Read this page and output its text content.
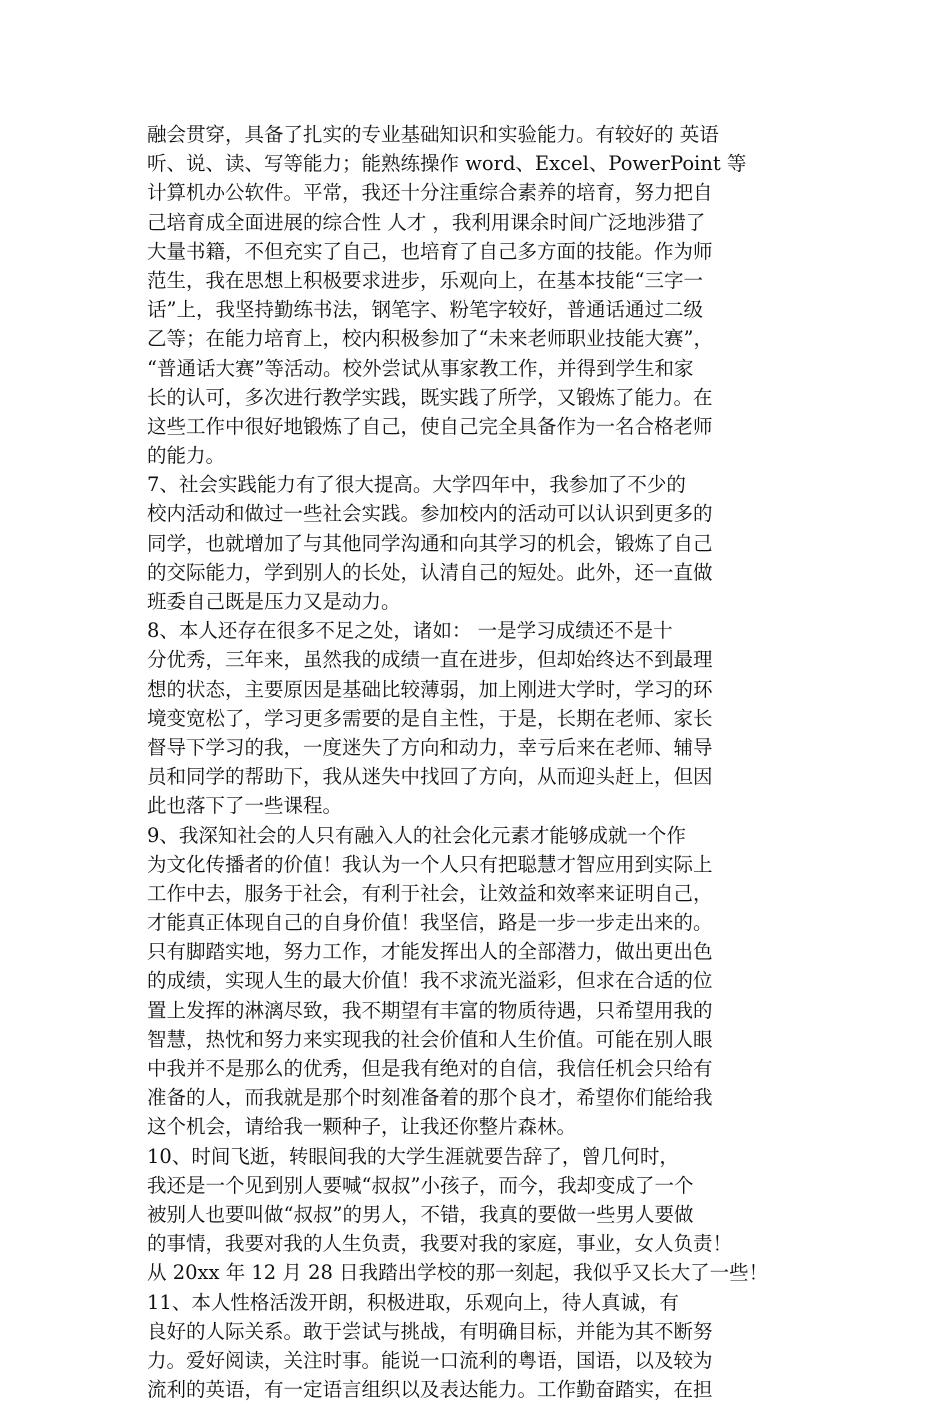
融会贯穿，具备了扎实的专业基础知识和实验能力。有较好的 英语
听、说、读、写等能力；能熟练操作 word、Excel、PowerPoint 等
计算机办公软件。平常，我还十分注重综合素养的培育，努力把自
己培育成全面进展的综合性 人才 ，我利用课余时间广泛地涉猎了
大量书籍，不但充实了自己，也培育了自己多方面的技能。作为师
范生，我在思想上积极要求进步，乐观向上，在基本技能“三字一
话”上，我坚持勤练书法，钢笔字、粉笔字较好，普通话通过二级
乙等；在能力培育上，校内积极参加了“未来老师职业技能大赛”，
“普通话大赛”等活动。校外尝试从事家教工作，并得到学生和家
长的认可，多次进行教学实践，既实践了所学，又锻炼了能力。在
这些工作中很好地锻炼了自己，使自己完全具备作为一名合格老师
的能力。
7、社会实践能力有了很大提高。大学四年中，我参加了不少的
校内活动和做过一些社会实践。参加校内的活动可以认识到更多的
同学，也就增加了与其他同学沟通和向其学习的机会，锻炼了自己
的交际能力，学到别人的长处，认清自己的短处。此外，还一直做
班委自己既是压力又是动力。
8、本人还存在很多不足之处，诸如： 一是学习成绩还不是十
分优秀，三年来，虽然我的成绩一直在进步，但却始终达不到最理
想的状态，主要原因是基础比较薄弱，加上刚进大学时，学习的环
境变宽松了，学习更多需要的是自主性，于是，长期在老师、家长
督导下学习的我，一度迷失了方向和动力，幸亏后来在老师、辅导
员和同学的帮助下，我从迷失中找回了方向，从而迎头赶上，但因
此也落下了一些课程。
9、我深知社会的人只有融入人的社会化元素才能够成就一个作
为文化传播者的价值！我认为一个人只有把聪慧才智应用到实际上
工作中去，服务于社会，有利于社会，让效益和效率来证明自己，
才能真正体现自己的自身价值！我坚信，路是一步一步走出来的。
只有脚踏实地，努力工作，才能发挥出人的全部潜力，做出更出色
的成绩，实现人生的最大价值！我不求流光溢彩，但求在合适的位
置上发挥的淋漓尽致，我不期望有丰富的物质待遇，只希望用我的
智慧，热忱和努力来实现我的社会价值和人生价值。可能在别人眼
中我并不是那么的优秀，但是我有绝对的自信，我信任机会只给有
准备的人，而我就是那个时刻准备着的那个良才，希望你们能给我
这个机会，请给我一颗种子，让我还你整片森林。
10、时间飞逝，转眼间我的大学生涯就要告辞了，曾几何时，
我还是一个见到别人要喊“叔叔”小孩子，而今，我却变成了一个
被别人也要叫做“叔叔”的男人，不错，我真的要做一些男人要做
的事情，我要对我的人生负责，我要对我的家庭，事业，女人负责！
从 20xx 年 12 月 28 日我踏出学校的那一刻起，我似乎又长大了一些！
11、本人性格活泼开朗，积极进取，乐观向上，待人真诚，有
良好的人际关系。敢于尝试与挑战，有明确目标，并能为其不断努
力。爱好阅读，关注时事。能说一口流利的粤语，国语，以及较为
流利的英语，有一定语言组织以及表达能力。工作勤奋踏实，在担
